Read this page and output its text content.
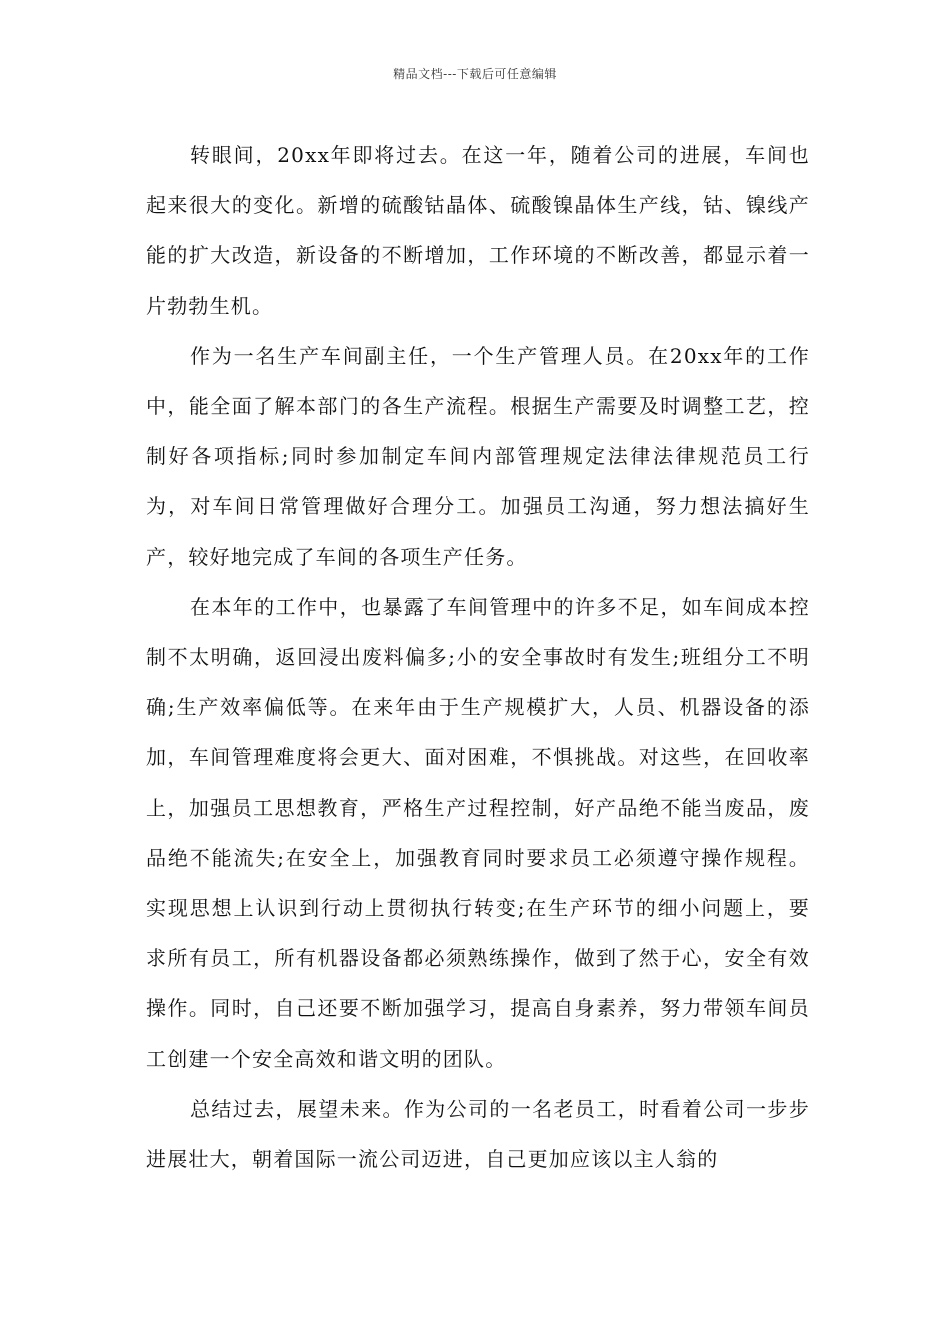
精品文档---下载后可任意编辑

转眼间，20xx年即将过去。在这一年，随着公司的进展，车间也起来很大的变化。新增的硫酸钴晶体、硫酸镍晶体生产线，钴、镍线产能的扩大改造，新设备的不断增加，工作环境的不断改善，都显示着一片勃勃生机。

作为一名生产车间副主任，一个生产管理人员。在20xx年的工作中，能全面了解本部门的各生产流程。根据生产需要及时调整工艺，控制好各项指标;同时参加制定车间内部管理规定法律法律规范员工行为，对车间日常管理做好合理分工。加强员工沟通，努力想法搞好生产，较好地完成了车间的各项生产任务。

在本年的工作中，也暴露了车间管理中的许多不足，如车间成本控制不太明确，返回浸出废料偏多;小的安全事故时有发生;班组分工不明确;生产效率偏低等。在来年由于生产规模扩大，人员、机器设备的添加，车间管理难度将会更大、面对困难，不惧挑战。对这些，在回收率上，加强员工思想教育，严格生产过程控制，好产品绝不能当废品，废品绝不能流失;在安全上，加强教育同时要求员工必须遵守操作规程。实现思想上认识到行动上贯彻执行转变;在生产环节的细小问题上，要求所有员工，所有机器设备都必须熟练操作，做到了然于心，安全有效操作。同时，自己还要不断加强学习，提高自身素养，努力带领车间员工创建一个安全高效和谐文明的团队。

总结过去，展望未来。作为公司的一名老员工，时看着公司一步步进展壮大，朝着国际一流公司迈进，自己更加应该以主人翁的
